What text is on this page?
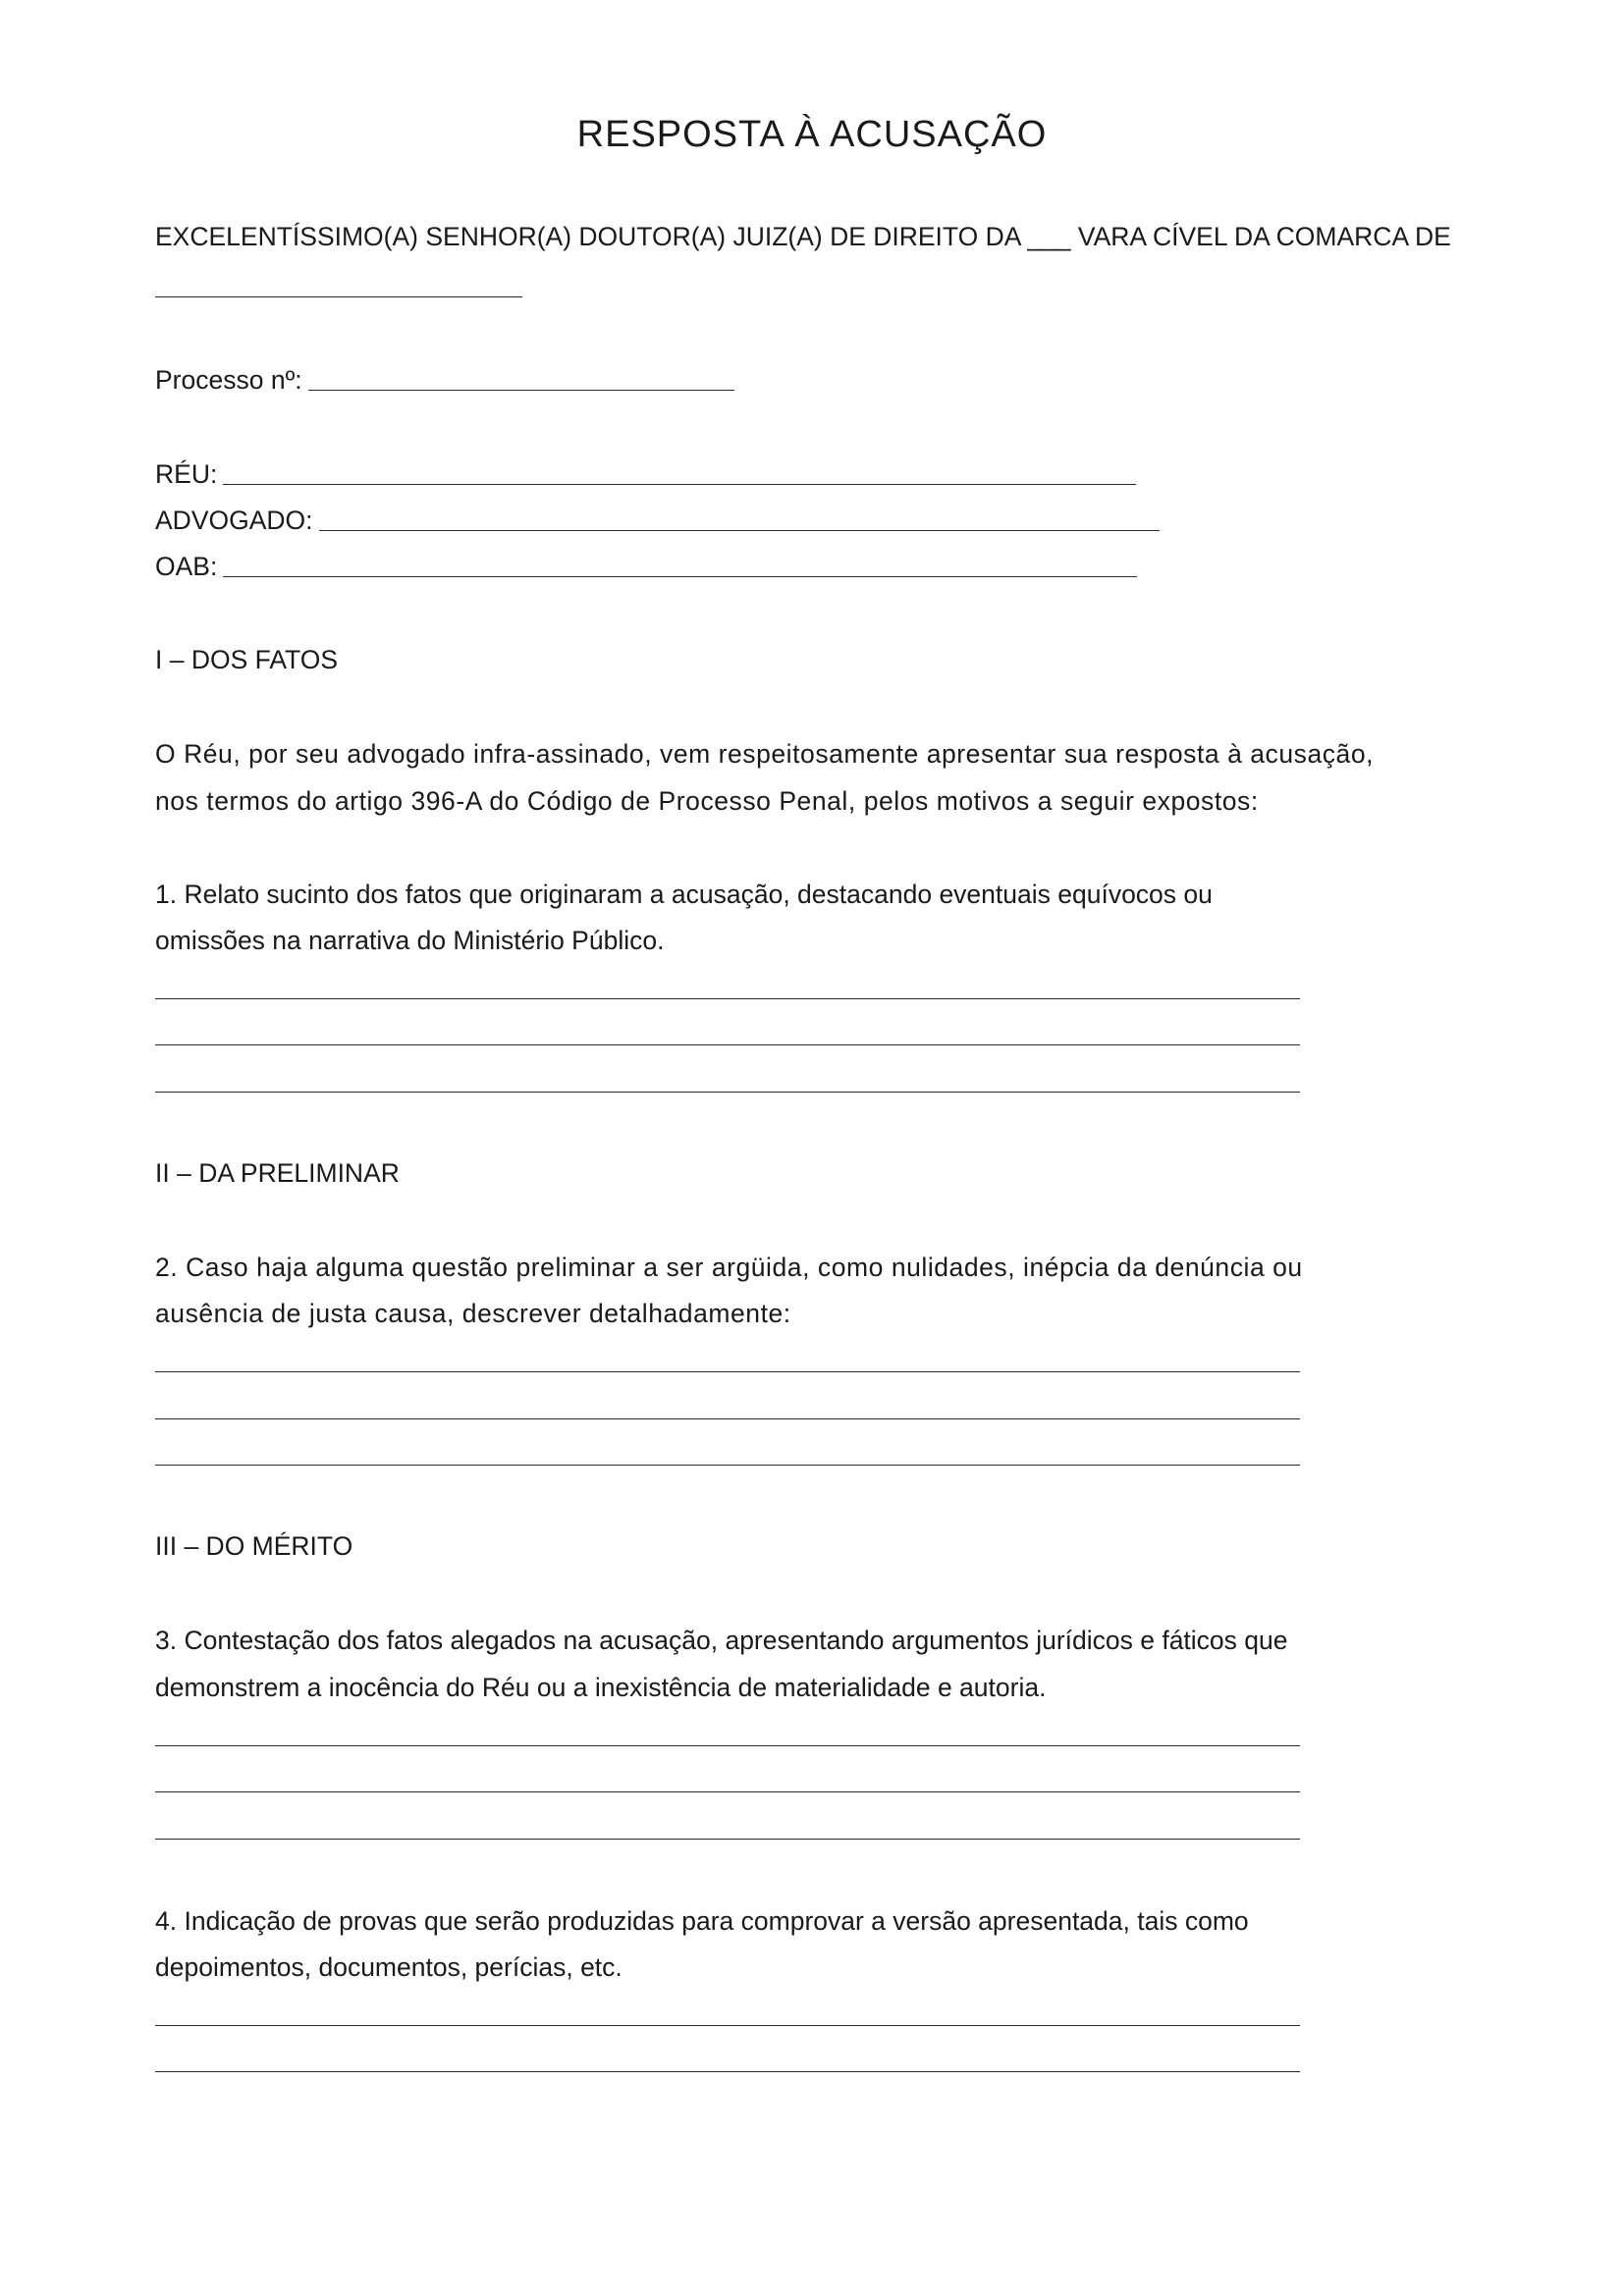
RESPOSTA À ACUSAÇÃO
EXCELENTÍSSIMO(A) SENHOR(A) DOUTOR(A) JUIZ(A) DE DIREITO DA ___ VARA CÍVEL DA COMARCA DE
Processo nº:
RÉU:
ADVOGADO:
OAB:
I – DOS FATOS
O Réu, por seu advogado infra-assinado, vem respeitosamente apresentar sua resposta à acusação,
nos termos do artigo 396-A do Código de Processo Penal, pelos motivos a seguir expostos:
1. Relato sucinto dos fatos que originaram a acusação, destacando eventuais equívocos ou
omissões na narrativa do Ministério Público.
II – DA PRELIMINAR
2. Caso haja alguma questão preliminar a ser argüida, como nulidades, inépcia da denúncia ou
ausência de justa causa, descrever detalhadamente:
III – DO MÉRITO
3. Contestação dos fatos alegados na acusação, apresentando argumentos jurídicos e fáticos que
demonstrem a inocência do Réu ou a inexistência de materialidade e autoria.
4. Indicação de provas que serão produzidas para comprovar a versão apresentada, tais como
depoimentos, documentos, perícias, etc.
